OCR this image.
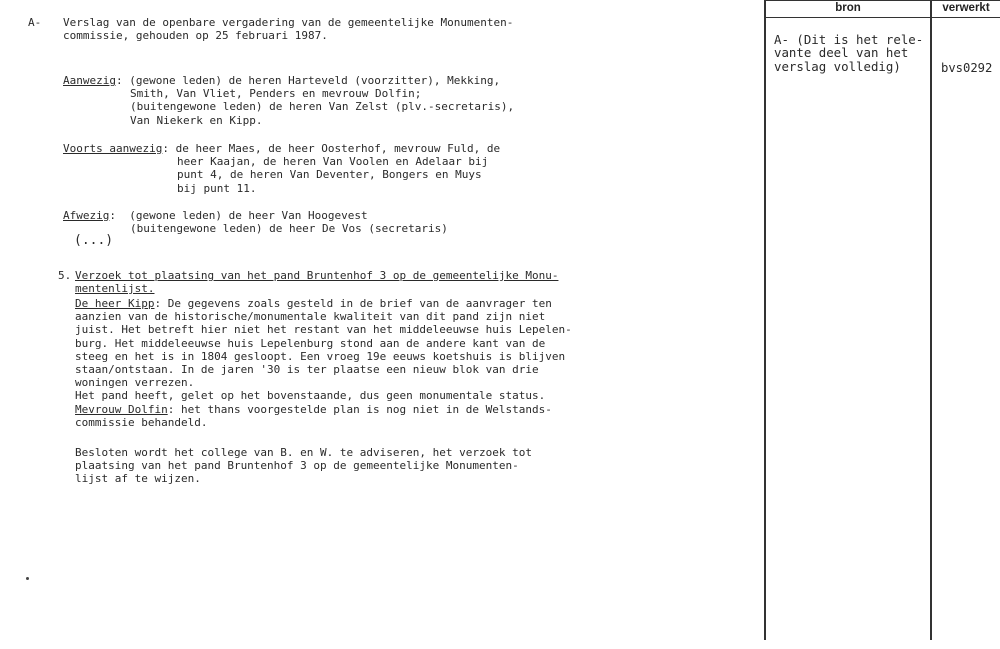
bron	verwerkt
A- (Dit is het rele-
vante deel van het
verslag volledig)	bvs0292
A- Verslag van de openbare vergadering van de gemeentelijke Monumenten-
commissie, gehouden op 25 februari 1987.
Aanwezig: (gewone leden) de heren Harteveld (voorzitter), Mekking,
Smith, Van Vliet, Penders en mevrouw Dolfin;
(buitengewone leden) de heren Van Zelst (plv.-secretaris),
Van Niekerk en Kipp.
Voorts aanwezig: de heer Maes, de heer Oosterhof, mevrouw Fuld, de
heer Kaajan, de heren Van Voolen en Adelaar bij
punt 4, de heren Van Deventer, Bongers en Muys
bij punt 11.
Afwezig:  (gewone leden) de heer Van Hoogevest
(buitengewone leden) de heer De Vos (secretaris)
(...)
5. Verzoek tot plaatsing van het pand Bruntenhof 3 op de gemeentelijke Monu-
mentenlijst.
De heer Kipp: De gegevens zoals gesteld in de brief van de aanvrager ten
aanzien van de historische/monumentale kwaliteit van dit pand zijn niet
juist. Het betreft hier niet het restant van het middeleeuwse huis Lepelen-
burg. Het middeleeuwse huis Lepelenburg stond aan de andere kant van de
steeg en het is in 1804 gesloopt. Een vroeg 19e eeuws koetshuis is blijven
staan/ontstaan. In de jaren '30 is ter plaatse een nieuw blok van drie
woningen verrezen.
Het pand heeft, gelet op het bovenstaande, dus geen monumentale status.
Mevrouw Dolfin: het thans voorgestelde plan is nog niet in de Welstands-
commissie behandeld.
Besloten wordt het college van B. en W. te adviseren, het verzoek tot
plaatsing van het pand Bruntenhof 3 op de gemeentelijke Monumenten-
lijst af te wijzen.
